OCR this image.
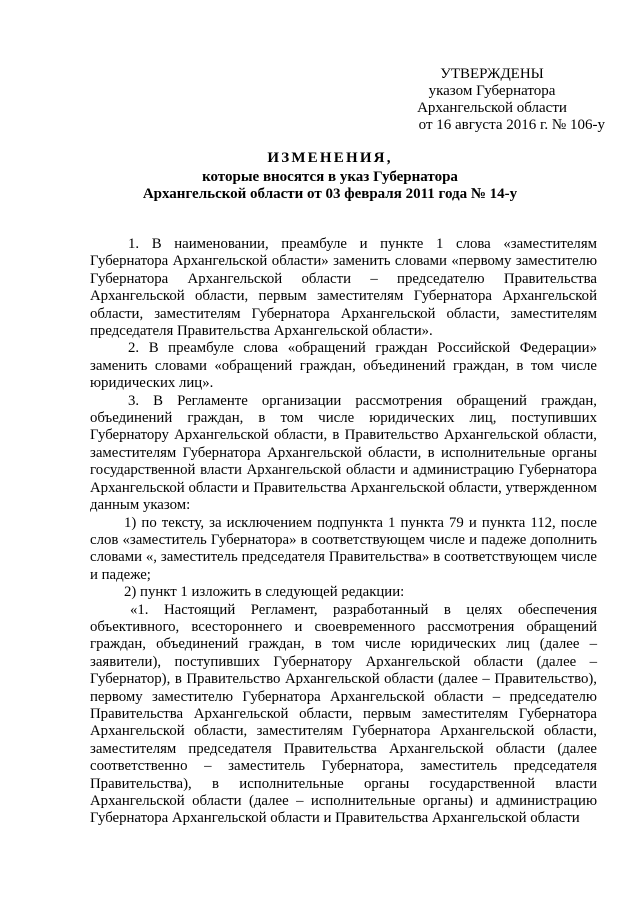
УТВЕРЖДЕНЫ
указом Губернатора
Архангельской области
от 16 августа 2016 г. № 106-у
ИЗМЕНЕНИЯ,
которые вносятся в указ Губернатора
Архангельской области от 03 февраля 2011 года № 14-у

1. В наименовании, преамбуле и пункте 1 слова «заместителям Губернатора Архангельской области» заменить словами «первому заместителю Губернатора Архангельской области – председателю Правительства Архангельской области, первым заместителям Губернатора Архангельской области, заместителям Губернатора Архангельской области, заместителям председателя Правительства Архангельской области».

2. В преамбуле слова «обращений граждан Российской Федерации» заменить словами «обращений граждан, объединений граждан, в том числе юридических лиц».

3. В Регламенте организации рассмотрения обращений граждан, объединений граждан, в том числе юридических лиц, поступивших Губернатору Архангельской области, в Правительство Архангельской области, заместителям Губернатора Архангельской области, в исполнительные органы государственной власти Архангельской области и администрацию Губернатора Архангельской области и Правительства Архангельской области, утвержденном данным указом:

1) по тексту, за исключением подпункта 1 пункта 79 и пункта 112, после слов «заместитель Губернатора» в соответствующем числе и падеже дополнить словами «, заместитель председателя Правительства» в соответствующем числе и падеже;

2) пункт 1 изложить в следующей редакции:

«1. Настоящий Регламент, разработанный в целях обеспечения объективного, всестороннего и своевременного рассмотрения обращений граждан, объединений граждан, в том числе юридических лиц (далее – заявители), поступивших Губернатору Архангельской области (далее – Губернатор), в Правительство Архангельской области (далее – Правительство), первому заместителю Губернатора Архангельской области – председателю Правительства Архангельской области, первым заместителям Губернатора Архангельской области, заместителям Губернатора Архангельской области, заместителям председателя Правительства Архангельской области (далее соответственно – заместитель Губернатора, заместитель председателя Правительства), в исполнительные органы государственной власти Архангельской области (далее – исполнительные органы) и администрацию Губернатора Архангельской области и Правительства Архангельской области
